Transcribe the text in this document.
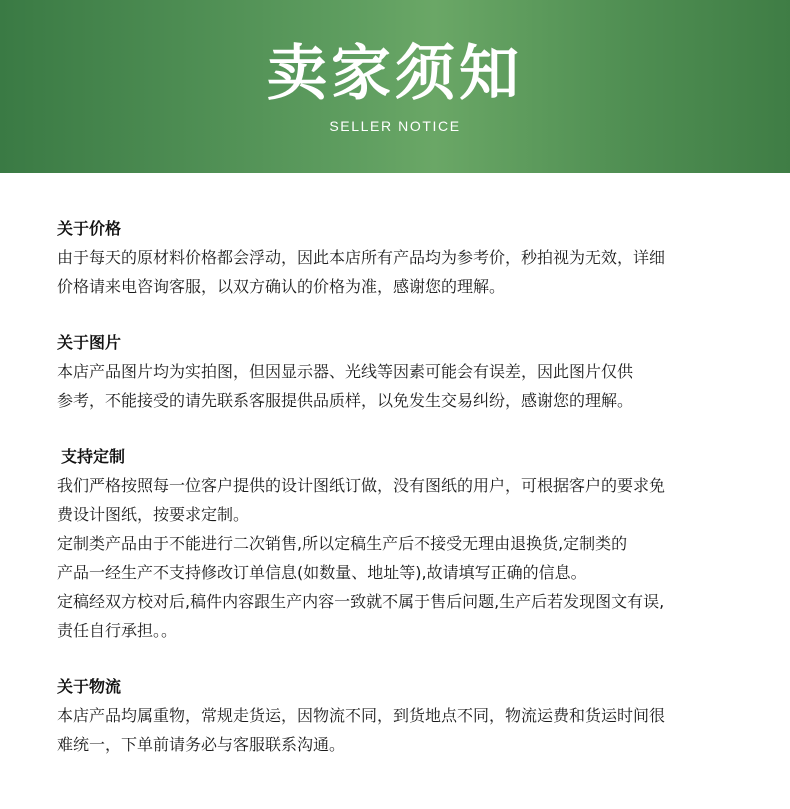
卖家须知
SELLER NOTICE
关于价格
由于每天的原材料价格都会浮动，因此本店所有产品均为参考价，秒拍视为无效，详细
价格请来电咨询客服，以双方确认的价格为准，感谢您的理解。
关于图片
本店产品图片均为实拍图，但因显示器、光线等因素可能会有误差，因此图片仅供
参考，不能接受的请先联系客服提供品质样，以免发生交易纠纷，感谢您的理解。
支持定制
我们严格按照每一位客户提供的设计图纸订做，没有图纸的用户，可根据客户的要求免
费设计图纸，按要求定制。
定制类产品由于不能进行二次销售,所以定稿生产后不接受无理由退换货,定制类的
产品一经生产不支持修改订单信息(如数量、地址等),故请填写正确的信息。
定稿经双方校对后,稿件内容跟生产内容一致就不属于售后问题,生产后若发现图文有误,
责任自行承担。。
关于物流
本店产品均属重物，常规走货运，因物流不同，到货地点不同，物流运费和货运时间很
难统一，下单前请务必与客服联系沟通。
